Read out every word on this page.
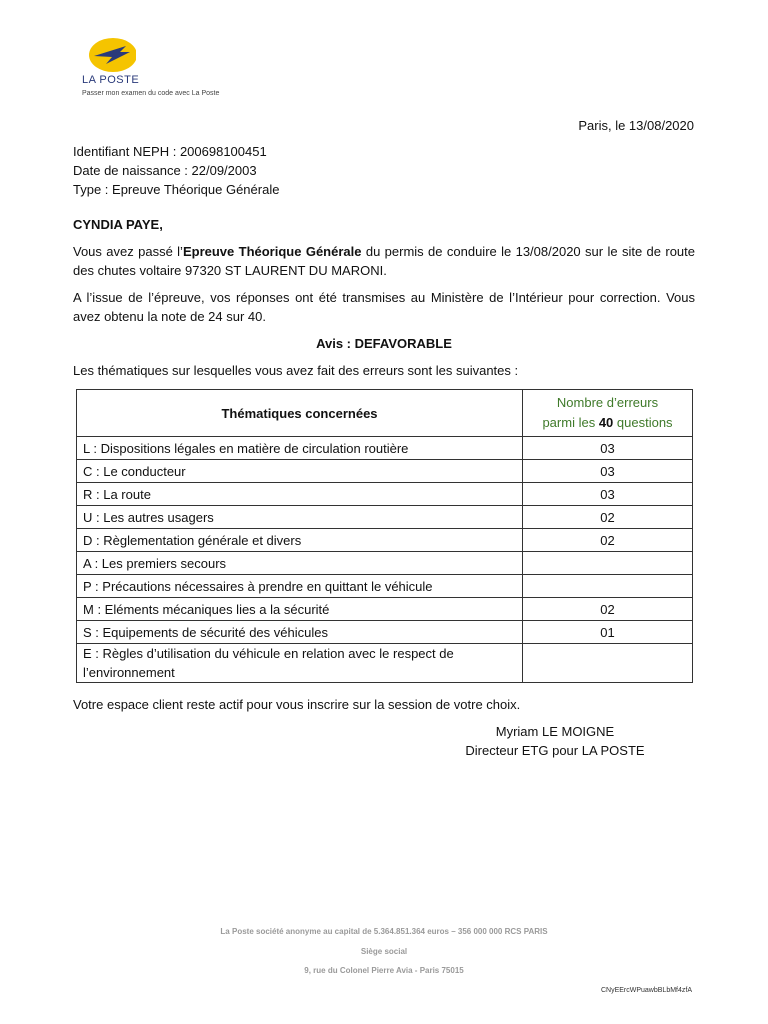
LA POSTE
Passer mon examen du code avec La Poste
Paris, le 13/08/2020
Identifiant NEPH : 200698100451
Date de naissance : 22/09/2003
Type : Epreuve Théorique Générale
CYNDIA PAYE,
Vous avez passé l’Epreuve Théorique Générale du permis de conduire le 13/08/2020 sur le site de route des chutes voltaire 97320 ST LAURENT DU MARONI.
A l’issue de l’épreuve, vos réponses ont été transmises au Ministère de l’Intérieur pour correction. Vous avez obtenu la note de 24 sur 40.
Avis : DEFAVORABLE
Les thématiques sur lesquelles vous avez fait des erreurs sont les suivantes :
Thématiques concernées	Nombre d’erreurs
parmi les 40 questions
L : Dispositions légales en matière de circulation routière	03
C : Le conducteur	03
R : La route	03
U : Les autres usagers	02
D : Règlementation générale et divers	02
A : Les premiers secours	
P : Précautions nécessaires à prendre en quittant le véhicule	
M : Eléments mécaniques lies a la sécurité	02
S : Equipements de sécurité des véhicules	01
E : Règles d’utilisation du véhicule en relation avec le respect de l’environnement	
Votre espace client reste actif pour vous inscrire sur la session de votre choix.
Myriam LE MOIGNE
Directeur ETG pour LA POSTE
La Poste société anonyme au capital de 5.364.851.364 euros – 356 000 000 RCS PARIS
Siège social
9, rue du Colonel Pierre Avia - Paris 75015
CNyEErcWPuawbBLbMf4zfA
